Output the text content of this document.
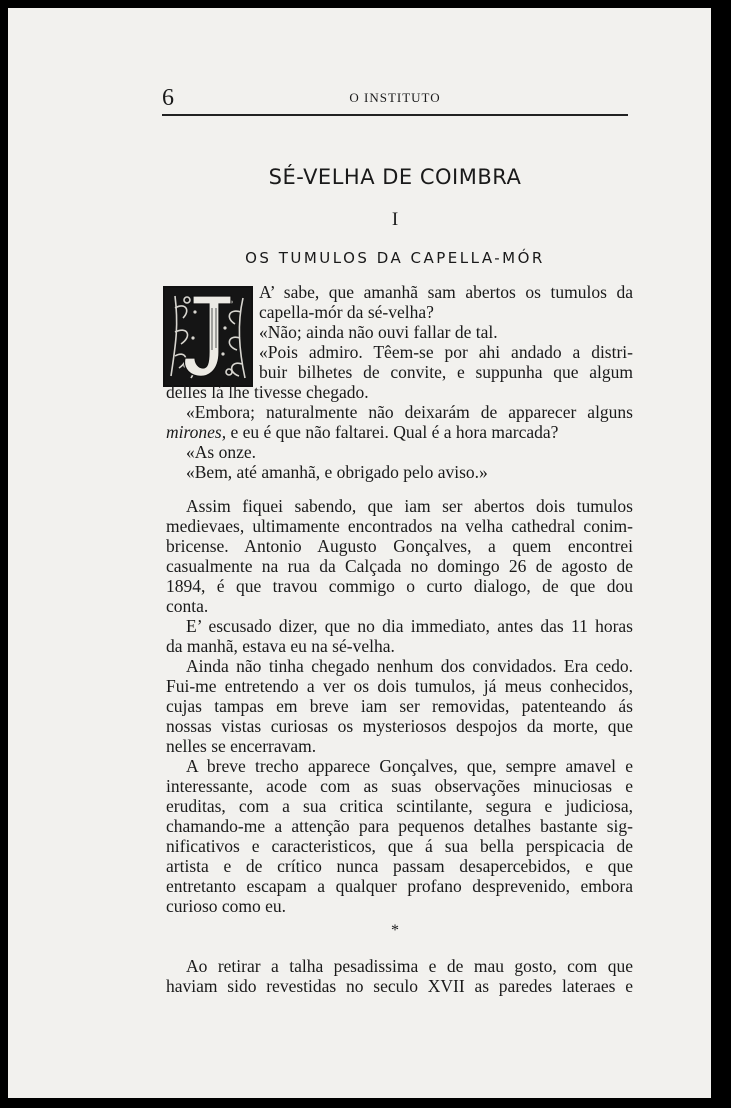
6	O INSTITUTO
SÉ-VELHA DE COIMBRA
I
OS TUMULOS DA CAPELLA-MÓR
A’ sabe, que amanhã sam abertos os tumulos da
capella-mór da sé-velha?
«Não; ainda não ouvi fallar de tal.
«Pois admiro. Têem-se por ahi andado a distri-
buir bilhetes de convite, e suppunha que algum
delles lá lhe tivesse chegado.
«Embora; naturalmente não deixarám de apparecer alguns
mirones, e eu é que não faltarei. Qual é a hora marcada?
«As onze.
«Bem, até amanhã, e obrigado pelo aviso.»
Assim fiquei sabendo, que iam ser abertos dois tumulos
medievaes, ultimamente encontrados na velha cathedral conim-
bricense. Antonio Augusto Gonçalves, a quem encontrei
casualmente na rua da Calçada no domingo 26 de agosto de
1894, é que travou commigo o curto dialogo, de que dou
conta.
E’ escusado dizer, que no dia immediato, antes das 11 horas
da manhã, estava eu na sé-velha.
Ainda não tinha chegado nenhum dos convidados. Era cedo.
Fui-me entretendo a ver os dois tumulos, já meus conhecidos,
cujas tampas em breve iam ser removidas, patenteando ás
nossas vistas curiosas os mysteriosos despojos da morte, que
nelles se encerravam.
A breve trecho apparece Gonçalves, que, sempre amavel e
interessante, acode com as suas observações minuciosas e
eruditas, com a sua critica scintilante, segura e judiciosa,
chamando-me a attenção para pequenos detalhes bastante sig-
nificativos e caracteristicos, que á sua bella perspicacia de
artista e de crítico nunca passam desapercebidos, e que
entretanto escapam a qualquer profano desprevenido, embora
curioso como eu.
*
Ao retirar a talha pesadissima e de mau gosto, com que
haviam sido revestidas no seculo XVII as paredes lateraes e
